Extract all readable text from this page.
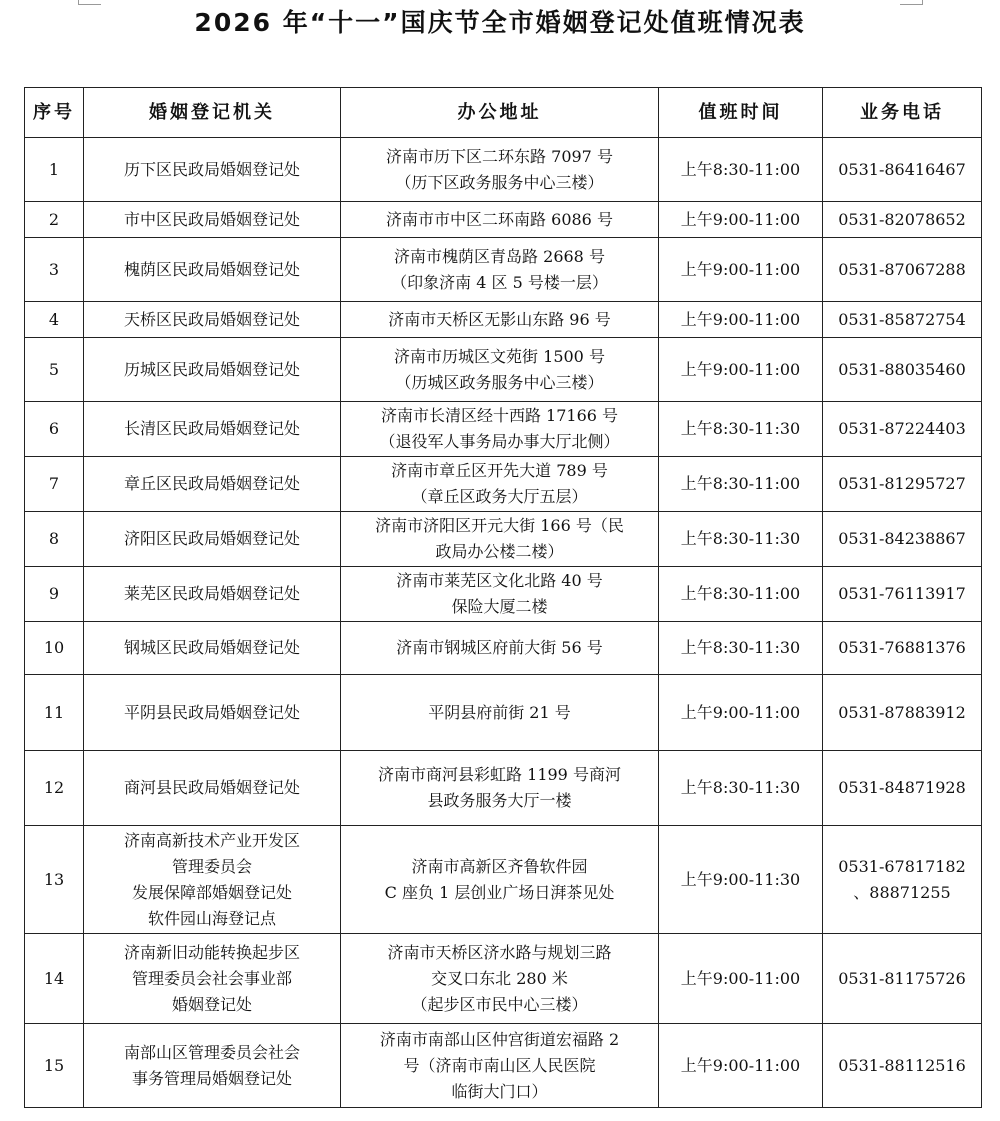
2026 年“十一”国庆节全市婚姻登记处值班情况表
序号	婚姻登记机关	办公地址	值班时间	业务电话
1	历下区民政局婚姻登记处	济南市历下区二环东路 7097 号
（历下区政务服务中心三楼）	上午8:30-11:00	0531-86416467

2	市中区民政局婚姻登记处	济南市市中区二环南路 6086 号	上午9:00-11:00	0531-82078652

3	槐荫区民政局婚姻登记处	济南市槐荫区青岛路 2668 号
（印象济南 4 区 5 号楼一层）	上午9:00-11:00	0531-87067288

4	天桥区民政局婚姻登记处	济南市天桥区无影山东路 96 号	上午9:00-11:00	0531-85872754

5	历城区民政局婚姻登记处	济南市历城区文苑街 1500 号
（历城区政务服务中心三楼）	上午9:00-11:00	0531-88035460

6	长清区民政局婚姻登记处	济南市长清区经十西路 17166 号
（退役军人事务局办事大厅北侧）	上午8:30-11:30	0531-87224403

7	章丘区民政局婚姻登记处	济南市章丘区开先大道 789 号
（章丘区政务大厅五层）	上午8:30-11:00	0531-81295727

8	济阳区民政局婚姻登记处	济南市济阳区开元大街 166 号（民
政局办公楼二楼）	上午8:30-11:30	0531-84238867

9	莱芜区民政局婚姻登记处	济南市莱芜区文化北路 40 号
保险大厦二楼	上午8:30-11:00	0531-76113917

10	钢城区民政局婚姻登记处	济南市钢城区府前大街 56 号	上午8:30-11:30	0531-76881376

11	平阴县民政局婚姻登记处	平阴县府前街 21 号	上午9:00-11:00	0531-87883912

12	商河县民政局婚姻登记处	济南市商河县彩虹路 1199 号商河
县政务服务大厅一楼	上午8:30-11:30	0531-84871928

13	济南高新技术产业开发区
管理委员会
发展保障部婚姻登记处
软件园山海登记点	济南市高新区齐鲁软件园
C 座负 1 层创业广场日湃茶见处	上午9:00-11:30	0531-67817182
、88871255

14	济南新旧动能转换起步区
管理委员会社会事业部
婚姻登记处	济南市天桥区济水路与规划三路
交叉口东北 280 米
（起步区市民中心三楼）	上午9:00-11:00	0531-81175726

15	南部山区管理委员会社会
事务管理局婚姻登记处	济南市南部山区仲宫街道宏福路 2
号（济南市南山区人民医院
临街大门口）	上午9:00-11:00	0531-88112516
